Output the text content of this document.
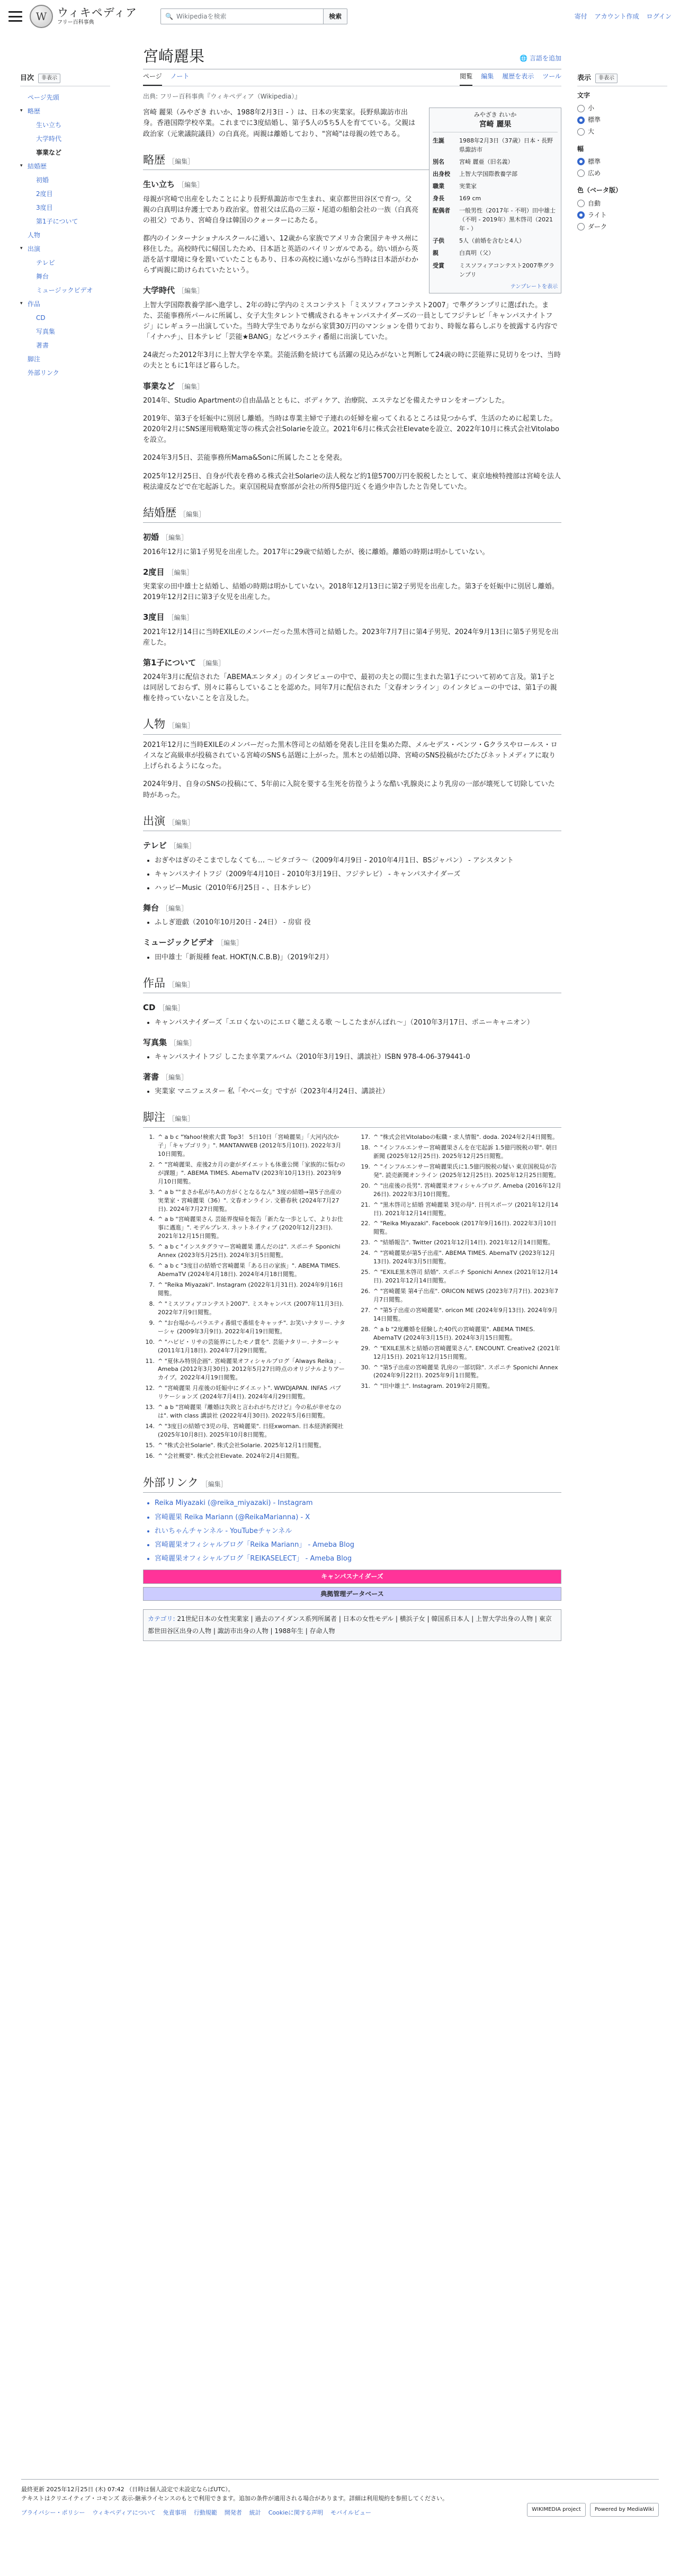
W ウィキペディア
フリー百科事典
🔍 Wikipediaを検索	検索	寄付 アカウント作成 ログイン
目次	非表示
ページ先頭
▾ 略歴
生い立ち
大学時代
事業など
▾ 結婚歴
初婚
2度目
3度目
第1子について
人物
▾ 出演
テレビ
舞台
ミュージックビデオ
▾ 作品
CD
写真集
著書
脚注
外部リンク
宮崎麗果	🌐 言語を追加
ページ ノート	閲覧 編集 履歴を表示 ツール
出典: フリー百科事典『ウィキペディア（Wikipedia）』
みやざき れいか
宮崎 麗果
生誕	1988年2月3日（37歳）日本・長野県諏訪市
別名	宮崎 麗亜（旧名義）
出身校	上智大学国際教養学部
職業	実業家
身長	169 cm
配偶者	一般男性（2017年 - 不明）田中雄士（不明 - 2019年）黒木啓司（2021年 - ）
子供	5人（前婚を含むと4人）
親	白真明（父）
受賞	ミスソフィアコンテスト2007準グランプリ
テンプレートを表示

宮崎 麗果（みやざき れいか、1988年2月3日 - ）は、日本の実業家。長野県諏訪市出身。香港国際学校卒業。これまでに3度結婚し、第子5人の5ち5人を育てている。父親は政治家（元衆議院議員）の白真亮。両親は離婚しており、"宮崎"は母親の姓である。

略歴 ［編集］
生い立ち ［編集］

母親が宮崎で出産をしたことにより長野県諏訪市で生まれ、東京都世田谷区で育つ。父親の白真明は弁護士であり政治家。曽祖父は広島の三原・尾道の船舶会社の一族（白真亮の祖父）であり、宮崎自身は韓国のクォーターにあたる。

都内のインターナショナルスクールに通い、12歳から家族でアメリカ合衆国テキサス州に移住した。高校時代に帰国したため、日本語と英語のバイリンガルである。幼い頃から英語を話す環境に身を置いていたこともあり、日本の高校に通いながら当時は日本語がわからず両親に助けられていたという。

大学時代 ［編集］

上智大学国際教養学部へ進学し、2年の時に学内のミスコンテスト「ミスソフィアコンテスト2007」で準グランプリに選ばれた。また、芸能事務所パールに所属し、女子大生タレントで構成されるキャンパスナイダーズの一員としてフジテレビ「キャンパスナイトフジ」にレギュラー出演していた。当時大学生でありながら家賃30万円のマンションを借りており、時報な暮らしぶりを披露する内容で「イナハチ」、日本テレビ「芸能★BANG」などバラエティ番組に出演していた。

24歳だった2012年3月に上智大学を卒業。芸能活動を続けても活躍の見込みがないと判断して24歳の時に芸能界に見切りをつけ、当時の夫とともに1年ほど暮らした。

事業など ［編集］

2014年、Studio Apartmentの自由晶晶とともに、ボディケア、治療院、エステなどを備えたサロンをオープンした。

2019年、第3子を妊娠中に別居し離婚。当時は専業主婦で子連れの妊婦を雇ってくれるところは見つからず、生活のために起業した。2020年2月にSNS運用戦略策定等の株式会社Solarieを設立。2021年6月に株式会社Elevateを設立、2022年10月に株式会社Vitolabo を設立。

2024年3月5日、芸能事務所Mama&Sonに所属したことを発表。

2025年12月25日、自身が代表を務める株式会社Solarieの法人税など約1億5700万円を脱税したとして、東京地検特捜部は宮崎を法人税法違反などで在宅起訴した。東京国税局査察部が会社の所得5億円近くを過少申告したと告発していた。

結婚歴 ［編集］
初婚 ［編集］

2016年12月に第1子男児を出産した。2017年に29歳で結婚したが、後に離婚。離婚の時期は明かしていない。

2度目 ［編集］

実業家の田中雄士と結婚し、結婚の時期は明かしていない。2018年12月13日に第2子男児を出産した。第3子を妊娠中に別居し離婚。2019年12月2日に第3子女児を出産した。

3度目 ［編集］

2021年12月14日に当時EXILEのメンバーだった黒木啓司と結婚した。2023年7月7日に第4子男児、2024年9月13日に第5子男児を出産した。

第1子について ［編集］

2024年3月に配信された「ABEMAエンタメ」のインタビューの中で、最初の夫との間に生まれた第1子について初めて言及。第1子とは同居しておらず、別々に暮らしていることを認めた。同年7月に配信された「文春オンライン」のインタビューの中では、第1子の親権を持っていないことを言及した。

人物 ［編集］

2021年12月に当時EXILEのメンバーだった黒木啓司との結婚を発表し注目を集めた際、メルセデス・ベンツ・Gクラスやロールス・ロイスなど高級車が投稿されている宮崎のSNSも話題に上がった。黒木との結婚以降、宮崎のSNS投稿がたびたびネットメディアに取り上げられるようになった。

2024年9月、自身のSNSの投稿にて、5年前に入院を要する生死を彷徨うような酷い乳腺炎により乳房の一部が壊死して切除していた時があった。

出演 ［編集］
テレビ ［編集］
• おぎやはぎのそこまでしなくても… 〜ピタゴラ〜（2009年4月9日 - 2010年4月1日、BSジャパン） - アシスタント
• キャンパスナイトフジ（2009年4月10日 - 2010年3月19日、フジテレビ） - キャンパスナイダーズ
• ハッピーMusic（2010年6月25日 - 、日本テレビ）
舞台 ［編集］
• ふしぎ遊戯（2010年10月20日 - 24日） - 房宿 役
ミュージックビデオ ［編集］
• 田中雄士「新規種 feat. HOKT(N.C.B.B)」（2019年2月）
作品 ［編集］
CD ［編集］
• キャンパスナイダーズ「エロくないのにエロく聴こえる歌 〜しこたまがんばれ〜」（2010年3月17日、ポニーキャニオン）
写真集 ［編集］
• キャンパスナイトフジ しこたま卒業アルバム（2010年3月19日、講談社）ISBN 978-4-06-379441-0
著書 ［編集］
• 実業家 マニフェスター 私「やべー女」ですが（2023年4月24日、講談社）
脚注 ［編集］
1. ^ a b c "Yahoo!検索大賞 Top3！ 5日10日「宮崎麗果」「大河内次か子」「キャプゴリラ」". MANTANWEB (2012年5月10日). 2022年3月10日閲覧。
2. ^ "宮崎麗果、産後2カ月の妻がダイエットも体重公開「家族的に悩むのが課題」". ABEMA TIMES. AbemaTV (2023年10月13日). 2023年9月10日閲覧。
3. ^ a b ""まさか私がちAの方がくとなるなん" 3度の結婚→第5子出産の実業家・宮崎麗果（36）". 文春オンライン. 文藝春秋 (2024年7月27日). 2024年7月27日閲覧。
4. ^ a b "宮崎麗果さん 芸能界復帰を報告「新たな一歩として、よりお仕事に邁進」". モデルプレス. ネットネイティブ (2020年12月23日). 2021年12月15日閲覧。
5. ^ a b c "インスタグラマー宮崎麗果 選んだのは". スポニチ Sponichi Annex (2023年5月25日). 2024年3月5日閲覧。
6. ^ a b c "3度目の結婚で宮崎麗果「ある日の家族」". ABEMA TIMES. AbemaTV (2024年4月18日). 2024年4月18日閲覧。
7. ^ "Reika Miyazaki". Instagram (2022年1月31日). 2024年9月16日閲覧。
8. ^ "ミスソフィアコンテスト2007". ミスキャンパス (2007年11月3日). 2022年7月9日閲覧。
9. ^ "お台場からバラエティ番組で番組をキャッチ". お笑いナタリー. ナターシャ (2009年3月9日). 2022年4月19日閲覧。
10. ^ "ハビビ・リサの芸能界にしたモノ賞を". 芸能ナタリー. ナターシャ (2011年1月18日). 2024年7月29日閲覧。
11. ^ "夏休み特別企画". 宮崎麗果オフィシャルブログ「Always Reika」. Ameba (2012年3月30日). 2012年5月27日時点のオリジナルよりアーカイブ。2022年4月19日閲覧。
12. ^ "宮崎麗果 月産後の妊娠中にダイエット". WWDJAPAN. INFAS パブリケーションズ (2024年7月4日). 2024年4月29日閲覧。
13. ^ a b "宮崎麗果『離婚は失敗と言われがちだけど』今の私が幸せなのは". with class 講談社 (2022年4月30日). 2022年5月6日閲覧。
14. ^ "3度目の結婚で3児の母、宮崎麗果". 日経xwoman. 日本経済新聞社 (2025年10月8日). 2025年10月8日閲覧。
15. ^ "株式会社Solarie". 株式会社Solarie. 2025年12月1日閲覧。
16. ^ "会社概要". 株式会社Elevate. 2024年2月4日閲覧。
17. ^ "株式会社Vitolaboの転職・求人情報". doda. 2024年2月4日閲覧。
18. ^ "インフルエンサー宮崎麗果さんを在宅起訴 1.5億円脱税の罪". 朝日新聞 (2025年12月25日). 2025年12月25日閲覧。
19. ^ "インフルエンサー宮崎麗果氏に1.5億円脱税の疑い 東京国税局が告発". 読売新聞オンライン (2025年12月25日). 2025年12月25日閲覧。
20. ^ "出産後の長男". 宮崎麗果オフィシャルブログ. Ameba (2016年12月26日). 2022年3月10日閲覧。
21. ^ "黒木啓司と結婚 宮崎麗果 3児の母". 日刊スポーツ (2021年12月14日). 2021年12月14日閲覧。
22. ^ "Reika Miyazaki". Facebook (2017年9月16日). 2022年3月10日閲覧。
23. ^ "結婚報告". Twitter (2021年12月14日). 2021年12月14日閲覧。
24. ^ "宮崎麗果が第5子出産". ABEMA TIMES. AbemaTV (2023年12月13日). 2024年3月5日閲覧。
25. ^ "EXILE黒木啓司 結婚". スポニチ Sponichi Annex (2021年12月14日). 2021年12月14日閲覧。
26. ^ "宮崎麗果 第4子出産". ORICON NEWS (2023年7月7日). 2023年7月7日閲覧。
27. ^ "第5子出産の宮崎麗果". oricon ME (2024年9月13日). 2024年9月14日閲覧。
28. ^ a b "2度離婚を経験した40代の宮崎麗果". ABEMA TIMES. AbemaTV (2024年3月15日). 2024年3月15日閲覧。
29. ^ "EXILE黒木と結婚の宮崎麗果さん". ENCOUNT. Creative2 (2021年12月15日). 2021年12月15日閲覧。
30. ^ "第5子出産の宮崎麗果 乳房の一部切除". スポニチ Sponichi Annex (2024年9月22日). 2025年9月1日閲覧。
31. ^ "田中雄士". Instagram. 2019年2月閲覧。
外部リンク ［編集］
• Reika Miyazaki (@reika_miyazaki) - Instagram
• 宮崎麗果 Reika Mariann (@ReikaMarianna) - X
• れいちゃんチャンネル - YouTubeチャンネル
• 宮崎麗果オフィシャルブログ「Reika Mariann」 - Ameba Blog
• 宮崎麗果オフィシャルブログ「REIKASELECT」 - Ameba Blog
キャンパスナイダーズ
典拠管理データベース
カテゴリ: 21世紀日本の女性実業家 | 過去のアイダンス系列所属者 | 日本の女性モデル | 横浜子女 | 韓国系日本人 | 上智大学出身の人物 | 東京都世田谷区出身の人物 | 諏訪市出身の人物 | 1988年生 | 存命人物
表示	非表示
文字
小
標準
大
幅
標準
広め
色（ベータ版）
自動
ライト
ダーク
最終更新 2025年12月25日 (木) 07:42 （日時は個人設定で未設定ならばUTC）。
テキストはクリエイティブ・コモンズ 表示-継承ライセンスのもとで利用できます。追加の条件が適用される場合があります。詳細は利用規約を参照してください。
プライバシー・ポリシー ウィキペディアについて 免責事項 行動規範 開発者 統計 Cookieに関する声明 モバイルビュー	WIKIMEDIA project	Powered by MediaWiki
